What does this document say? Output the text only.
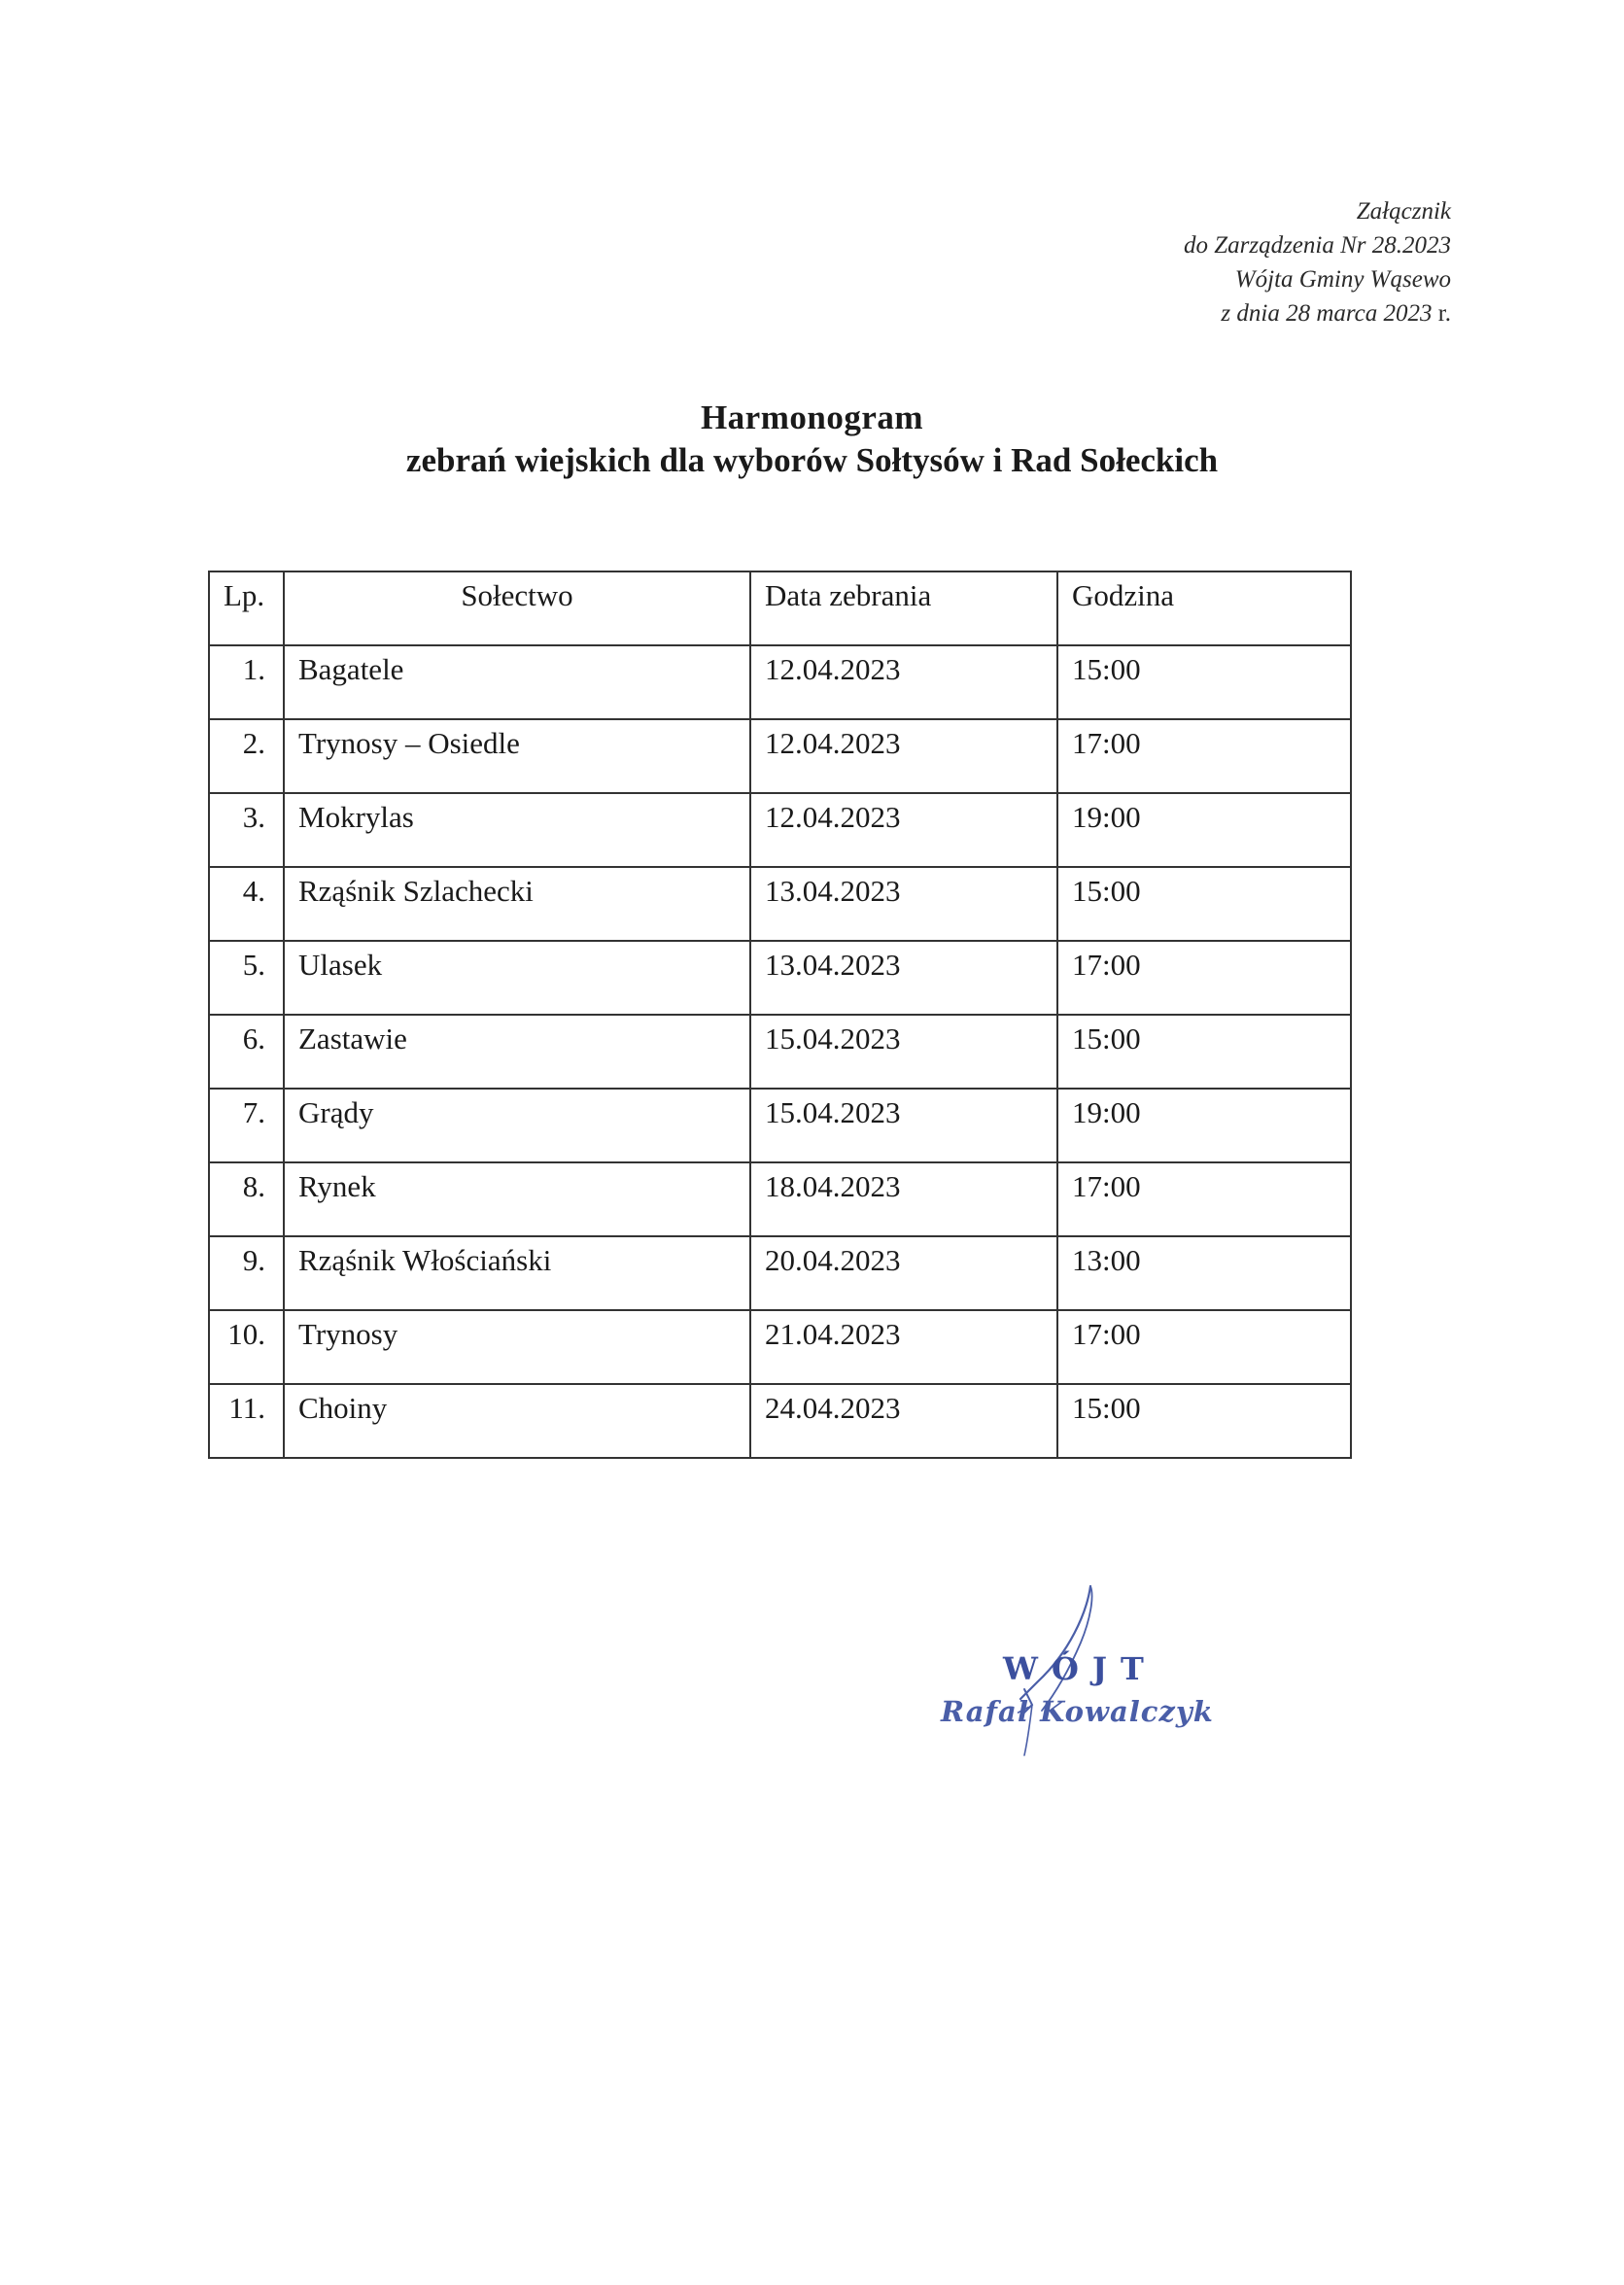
Załącznik
do Zarządzenia Nr 28.2023
Wójta Gminy Wąsewo
z dnia 28 marca 2023 r.
Harmonogram
zebrań wiejskich dla wyborów Sołtysów i Rad Sołeckich
Lp.	Sołectwo	Data zebrania	Godzina
1.	Bagatele	12.04.2023	15:00
2.	Trynosy – Osiedle	12.04.2023	17:00
3.	Mokrylas	12.04.2023	19:00
4.	Rząśnik Szlachecki	13.04.2023	15:00
5.	Ulasek	13.04.2023	17:00
6.	Zastawie	15.04.2023	15:00
7.	Grądy	15.04.2023	19:00
8.	Rynek	18.04.2023	17:00
9.	Rząśnik Włościański	20.04.2023	13:00
10.	Trynosy	21.04.2023	17:00
11.	Choiny	24.04.2023	15:00
WÓJT
Rafał Kowalczyk
